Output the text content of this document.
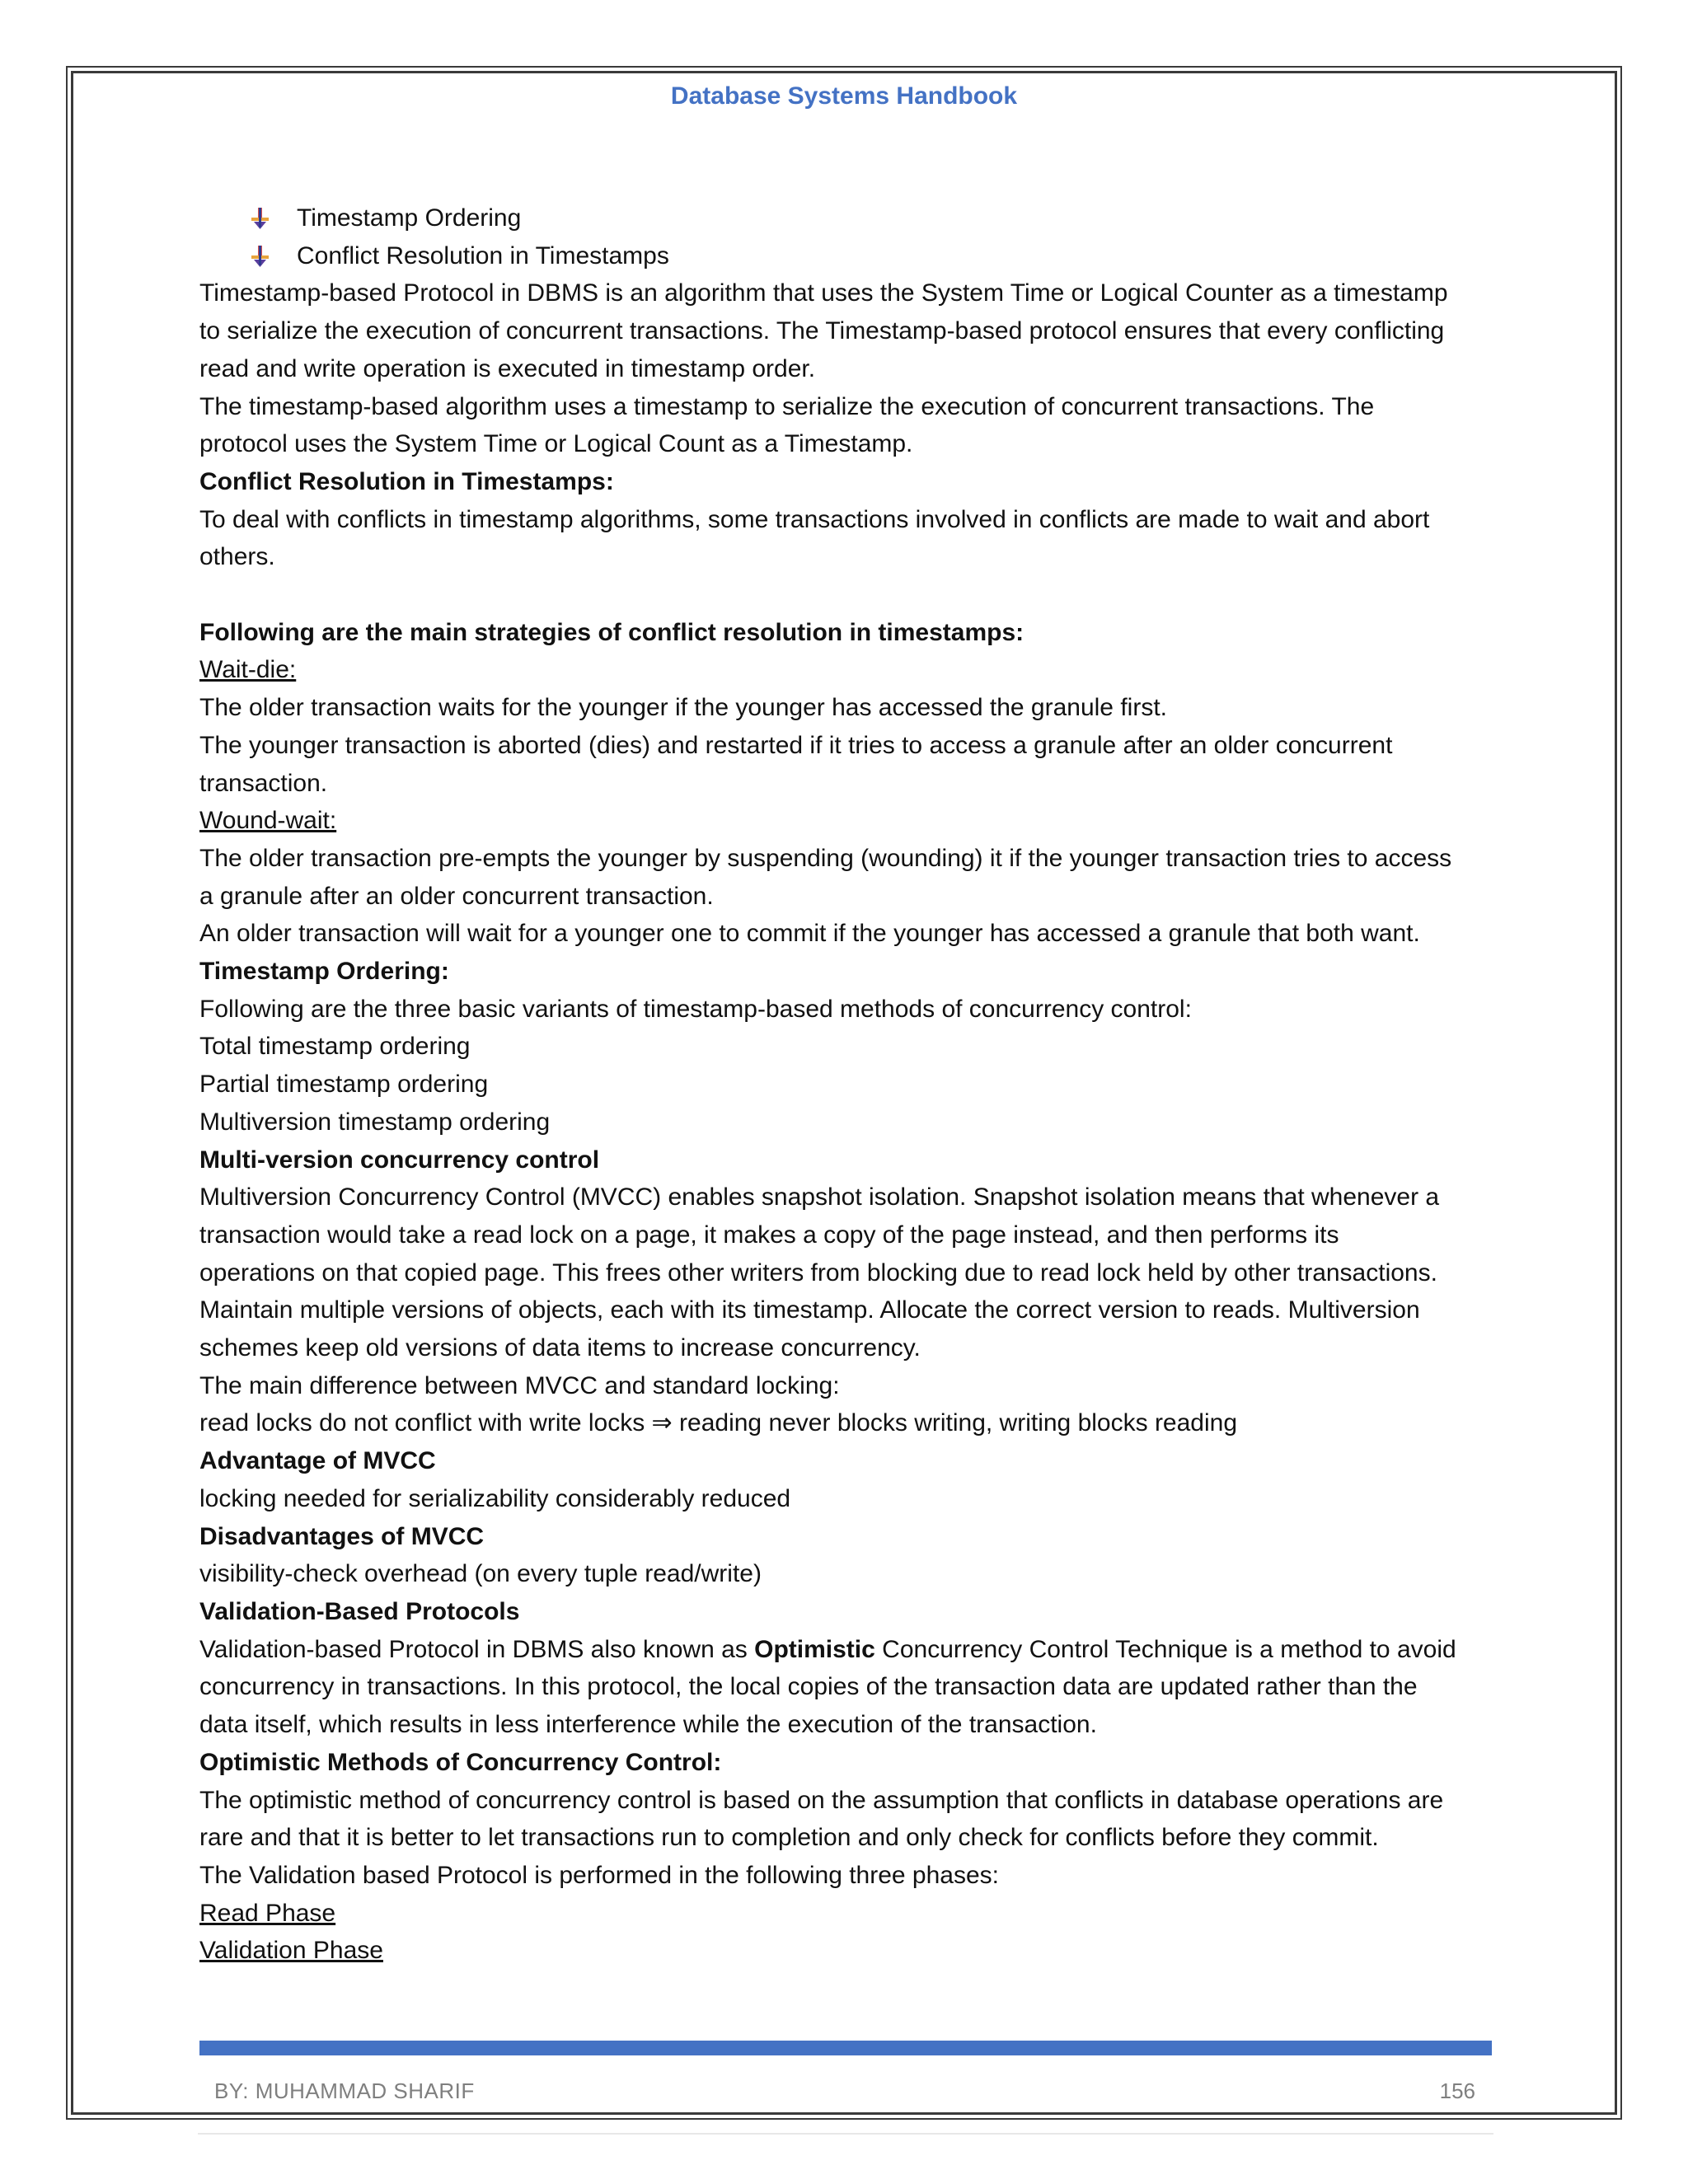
Database Systems Handbook
Timestamp Ordering
Conflict Resolution in Timestamps
Timestamp-based Protocol in DBMS is an algorithm that uses the System Time or Logical Counter as a timestamp
to serialize the execution of concurrent transactions. The Timestamp-based protocol ensures that every conflicting
read and write operation is executed in timestamp order.
The timestamp-based algorithm uses a timestamp to serialize the execution of concurrent transactions. The
protocol uses the System Time or Logical Count as a Timestamp.
Conflict Resolution in Timestamps:
To deal with conflicts in timestamp algorithms, some transactions involved in conflicts are made to wait and abort
others.
Following are the main strategies of conflict resolution in timestamps:
Wait-die:
The older transaction waits for the younger if the younger has accessed the granule first.
The younger transaction is aborted (dies) and restarted if it tries to access a granule after an older concurrent
transaction.
Wound-wait:
The older transaction pre-empts the younger by suspending (wounding) it if the younger transaction tries to access
a granule after an older concurrent transaction.
An older transaction will wait for a younger one to commit if the younger has accessed a granule that both want.
Timestamp Ordering:
Following are the three basic variants of timestamp-based methods of concurrency control:
Total timestamp ordering
Partial timestamp ordering
Multiversion timestamp ordering
Multi-version concurrency control
Multiversion Concurrency Control (MVCC) enables snapshot isolation. Snapshot isolation means that whenever a
transaction would take a read lock on a page, it makes a copy of the page instead, and then performs its
operations on that copied page. This frees other writers from blocking due to read lock held by other transactions.
Maintain multiple versions of objects, each with its timestamp. Allocate the correct version to reads. Multiversion
schemes keep old versions of data items to increase concurrency.
The main difference between MVCC and standard locking:
read locks do not conflict with write locks ⇒ reading never blocks writing, writing blocks reading
Advantage of MVCC
locking needed for serializability considerably reduced
Disadvantages of MVCC
visibility-check overhead (on every tuple read/write)
Validation-Based Protocols
Validation-based Protocol in DBMS also known as Optimistic Concurrency Control Technique is a method to avoid
concurrency in transactions. In this protocol, the local copies of the transaction data are updated rather than the
data itself, which results in less interference while the execution of the transaction.
Optimistic Methods of Concurrency Control:
The optimistic method of concurrency control is based on the assumption that conflicts in database operations are
rare and that it is better to let transactions run to completion and only check for conflicts before they commit.
The Validation based Protocol is performed in the following three phases:
Read Phase
Validation Phase
BY: MUHAMMAD SHARIF	156
